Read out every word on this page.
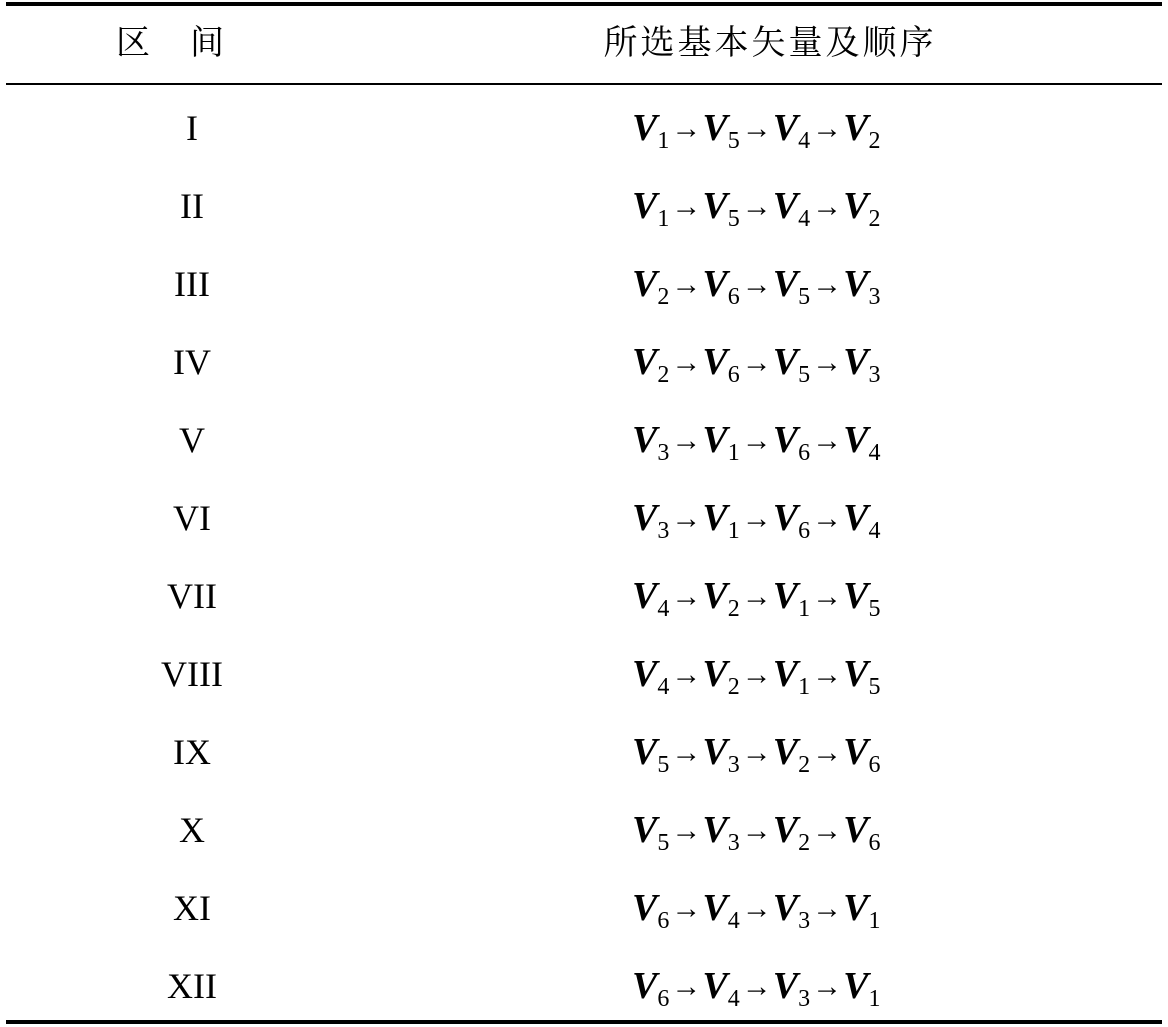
区间	所选基本矢量及顺序
I	$V_1\to V_5\to V_4\to V_2$
II	$V_1\to V_5\to V_4\to V_2$
III	$V_2\to V_6\to V_5\to V_3$
IV	$V_2\to V_6\to V_5\to V_3$
V	$V_3\to V_1\to V_6\to V_4$
VI	$V_3\to V_1\to V_6\to V_4$
VII	$V_4\to V_2\to V_1\to V_5$
VIII	$V_4\to V_2\to V_1\to V_5$
IX	$V_5\to V_3\to V_2\to V_6$
X	$V_5\to V_3\to V_2\to V_6$
XI	$V_6\to V_4\to V_3\to V_1$
XII	$V_6\to V_4\to V_3\to V_1$
